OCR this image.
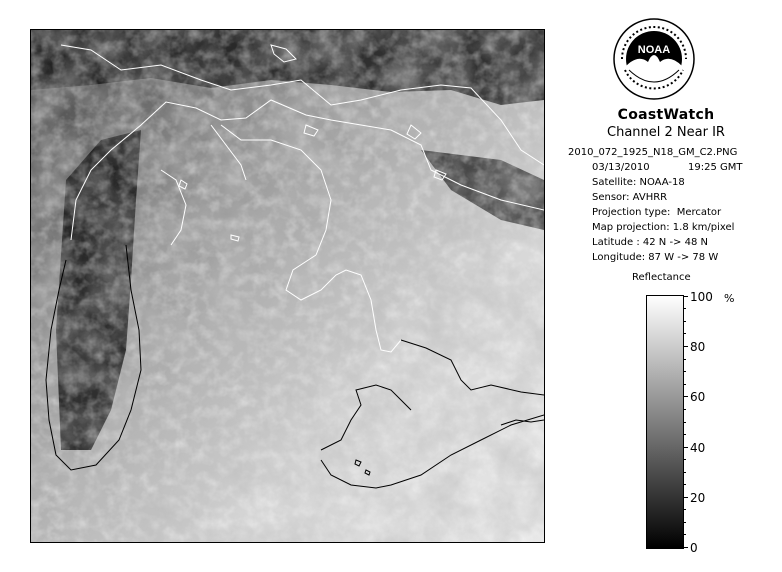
NOAA
CoastWatch
Channel 2 Near IR
2010_072_1925_N18_GM_C2.PNG
03/13/2010	19:25 GMT
Satellite: NOAA-18
Sensor: AVHRR
Projection type:  Mercator
Map projection: 1.8 km/pixel
Latitude : 42 N -> 48 N
Longitude: 87 W -> 78 W
Reflectance
%
100
80
60
40
20
0
